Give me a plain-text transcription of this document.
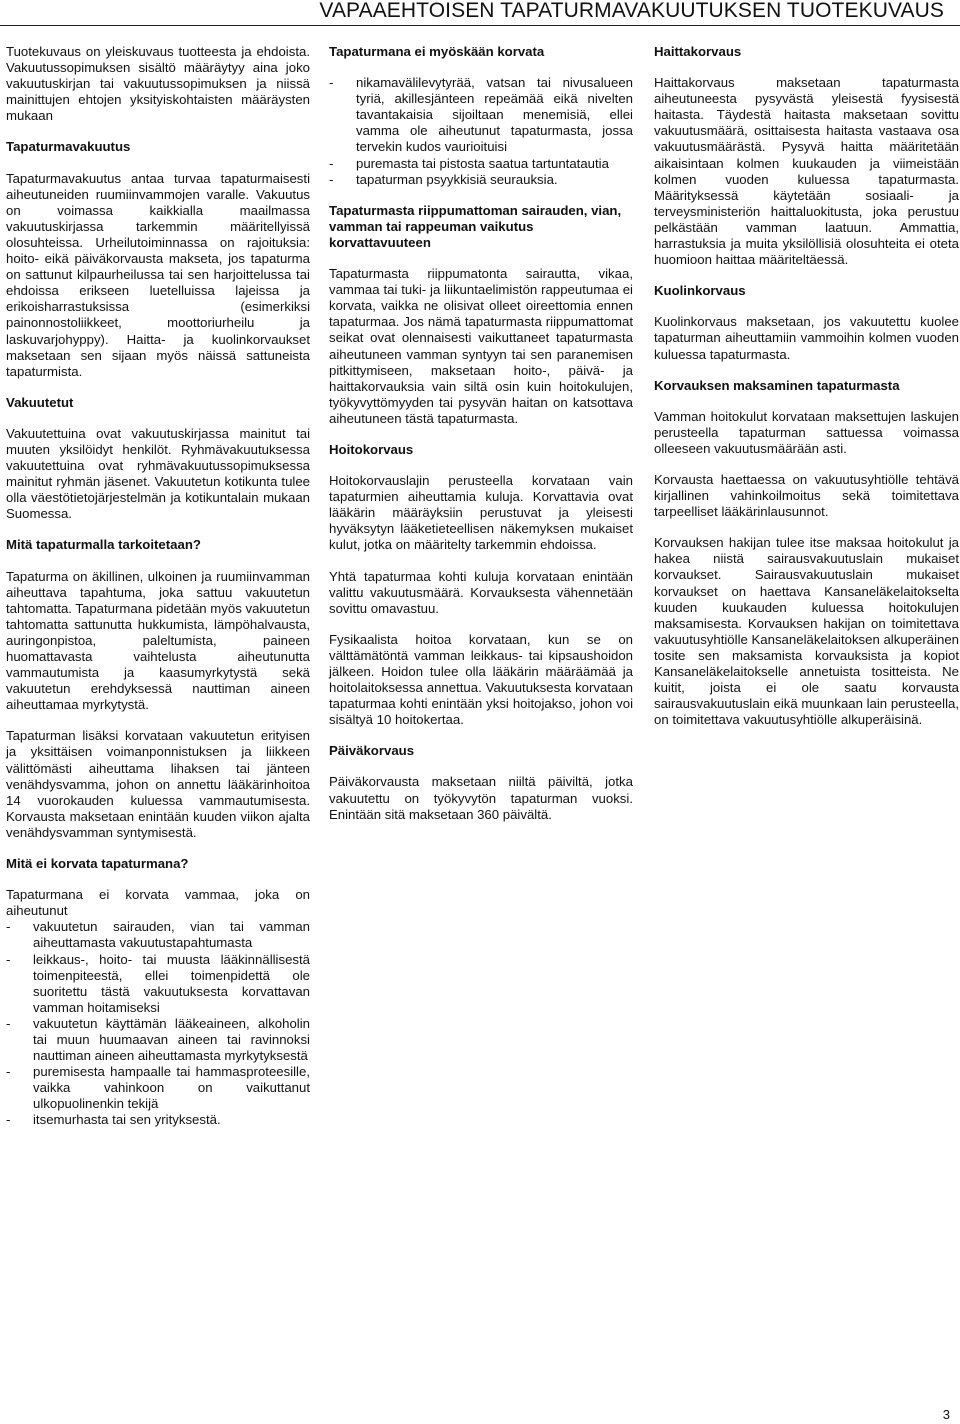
VAPAAEHTOISEN TAPATURMAVAKUUTUKSEN TUOTEKUVAUS

Tuotekuvaus on yleiskuvaus tuotteesta ja ehdoista. Vakuutussopimuksen sisältö määräytyy aina joko vakuutuskirjan tai vakuutussopimuksen ja niissä mainittujen ehtojen yksityiskohtaisten määräysten mukaan

Tapaturmavakuutus

Tapaturmavakuutus antaa turvaa tapaturmaisesti aiheutuneiden ruumiinvammojen varalle. Vakuutus on voimassa kaikkialla maailmassa vakuutuskirjassa tarkemmin määritellyissä olosuhteissa. Urheilutoiminnassa on rajoituksia: hoito- eikä päiväkorvausta makseta, jos tapaturma on sattunut kilpaurheilussa tai sen harjoittelussa tai ehdoissa erikseen luetelluissa lajeissa ja erikoisharrastuksissa (esimerkiksi painonnostoliikkeet, moottoriurheilu ja laskuvarjohyppy). Haitta- ja kuolinkorvaukset maksetaan sen sijaan myös näissä sattuneista tapaturmista.

Vakuutetut

Vakuutettuina ovat vakuutuskirjassa mainitut tai muuten yksilöidyt henkilöt. Ryhmävakuutuksessa vakuutettuina ovat ryhmävakuutussopimuksessa mainitut ryhmän jäsenet. Vakuutetun kotikunta tulee olla väestötietojärjestelmän ja kotikuntalain mukaan Suomessa.

Mitä tapaturmalla tarkoitetaan?

Tapaturma on äkillinen, ulkoinen ja ruumiinvamman aiheuttava tapahtuma, joka sattuu vakuutetun tahtomatta. Tapaturmana pidetään myös vakuutetun tahtomatta sattunutta hukkumista, lämpöhalvausta, auringonpistoa, paleltumista, paineen huomattavasta vaihtelusta aiheutunutta vammautumista ja kaasumyrkytystä sekä vakuutetun erehdyksessä nauttiman aineen aiheuttamaa myrkytystä.

Tapaturman lisäksi korvataan vakuutetun erityisen ja yksittäisen voimanponnistuksen ja liikkeen välittömästi aiheuttama lihaksen tai jänteen venähdysvamma, johon on annettu lääkärinhoitoa 14 vuorokauden kuluessa vammautumisesta. Korvausta maksetaan enintään kuuden viikon ajalta venähdysvamman syntymisestä.

Mitä ei korvata tapaturmana?

Tapaturmana ei korvata vammaa, joka on aiheutunut

- vakuutetun sairauden, vian tai vamman aiheuttamasta vakuutustapahtumasta
- leikkaus-, hoito- tai muusta lääkinnällisestä toimenpiteestä, ellei toimenpidettä ole suoritettu tästä vakuutuksesta korvattavan vamman hoitamiseksi
- vakuutetun käyttämän lääkeaineen, alkoholin tai muun huumaavan aineen tai ravinnoksi nauttiman aineen aiheuttamasta myrkytyksestä
- puremisesta hampaalle tai hammasproteesille, vaikka vahinkoon on vaikuttanut ulkopuolinenkin tekijä
- itsemurhasta tai sen yrityksestä.
Tapaturmana ei myöskään korvata
- nikamavälilevytyrää, vatsan tai nivusalueen tyriä, akillesjänteen repeämää eikä nivelten tavantakaisia sijoiltaan menemisiä, ellei vamma ole aiheutunut tapaturmasta, jossa tervekin kudos vaurioituisi
- puremasta tai pistosta saatua tartuntatautia
- tapaturman psyykkisiä seurauksia.
Tapaturmasta riippumattoman sairauden, vian, vamman tai rappeuman vaikutus korvattavuuteen

Tapaturmasta riippumatonta sairautta, vikaa, vammaa tai tuki- ja liikuntaelimistön rappeutumaa ei korvata, vaikka ne olisivat olleet oireettomia ennen tapaturmaa. Jos nämä tapaturmasta riippumattomat seikat ovat olennaisesti vaikuttaneet tapaturmasta aiheutuneen vamman syntyyn tai sen paranemisen pitkittymiseen, maksetaan hoito-, päivä- ja haittakorvauksia vain siltä osin kuin hoitokulujen, työkyvyttömyyden tai pysyvän haitan on katsottava aiheutuneen tästä tapaturmasta.

Hoitokorvaus

Hoitokorvauslajin perusteella korvataan vain tapaturmien aiheuttamia kuluja. Korvattavia ovat lääkärin määräyksiin perustuvat ja yleisesti hyväksytyn lääketieteellisen näkemyksen mukaiset kulut, jotka on määritelty tarkemmin ehdoissa.

Yhtä tapaturmaa kohti kuluja korvataan enintään valittu vakuutusmäärä. Korvauksesta vähennetään sovittu omavastuu.

Fysikaalista hoitoa korvataan, kun se on välttämätöntä vamman leikkaus- tai kipsaushoidon jälkeen. Hoidon tulee olla lääkärin määräämää ja hoitolaitoksessa annettua. Vakuutuksesta korvataan tapaturmaa kohti enintään yksi hoitojakso, johon voi sisältyä 10 hoitokertaa.

Päiväkorvaus

Päiväkorvausta maksetaan niiltä päiviltä, jotka vakuutettu on työkyvytön tapaturman vuoksi. Enintään sitä maksetaan 360 päivältä.

Haittakorvaus

Haittakorvaus maksetaan tapaturmasta aiheutuneesta pysyvästä yleisestä fyysisestä haitasta. Täydestä haitasta maksetaan sovittu vakuutusmäärä, osittaisesta haitasta vastaava osa vakuutusmäärästä. Pysyvä haitta määritetään aikaisintaan kolmen kuukauden ja viimeistään kolmen vuoden kuluessa tapaturmasta. Määrityksessä käytetään sosiaali- ja terveysministeriön haittaluokitusta, joka perustuu pelkästään vamman laatuun. Ammattia, harrastuksia ja muita yksilöllisiä olosuhteita ei oteta huomioon haittaa määriteltäessä.

Kuolinkorvaus

Kuolinkorvaus maksetaan, jos vakuutettu kuolee tapaturman aiheuttamiin vammoihin kolmen vuoden kuluessa tapaturmasta.

Korvauksen maksaminen tapaturmasta

Vamman hoitokulut korvataan maksettujen laskujen perusteella tapaturman sattuessa voimassa olleeseen vakuutusmäärään asti.

Korvausta haettaessa on vakuutusyhtiölle tehtävä kirjallinen vahinkoilmoitus sekä toimitettava tarpeelliset lääkärinlausunnot.

Korvauksen hakijan tulee itse maksaa hoitokulut ja hakea niistä sairausvakuutuslain mukaiset korvaukset. Sairausvakuutuslain mukaiset korvaukset on haettava Kansaneläkelaitokselta kuuden kuukauden kuluessa hoitokulujen maksamisesta. Korvauksen hakijan on toimitettava vakuutusyhtiölle Kansaneläkelaitoksen alkuperäinen tosite sen maksamista korvauksista ja kopiot Kansaneläkelaitokselle annetuista tositteista. Ne kuitit, joista ei ole saatu korvausta sairausvakuutuslain eikä muunkaan lain perusteella, on toimitettava vakuutusyhtiölle alkuperäisinä.

3
